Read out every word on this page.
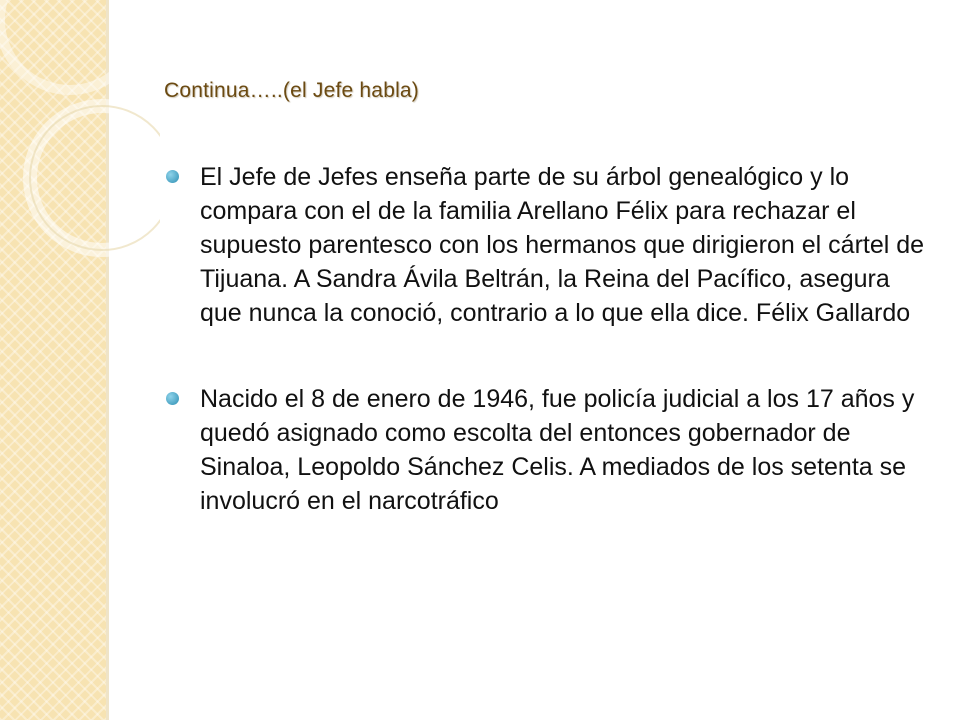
Continua…..(el Jefe habla)
El Jefe de Jefes enseña parte de su árbol genealógico y lo compara con el de la familia Arellano Félix para rechazar el supuesto parentesco con los hermanos que dirigieron el cártel de Tijuana. A Sandra Ávila Beltrán, la Reina del Pacífico, asegura que nunca la conoció, contrario a lo que ella dice. Félix Gallardo
Nacido el 8 de enero de 1946, fue policía judicial a los 17 años y quedó asignado como escolta del entonces gobernador de Sinaloa, Leopoldo Sánchez Celis. A mediados de los setenta se involucró en el narcotráfico
